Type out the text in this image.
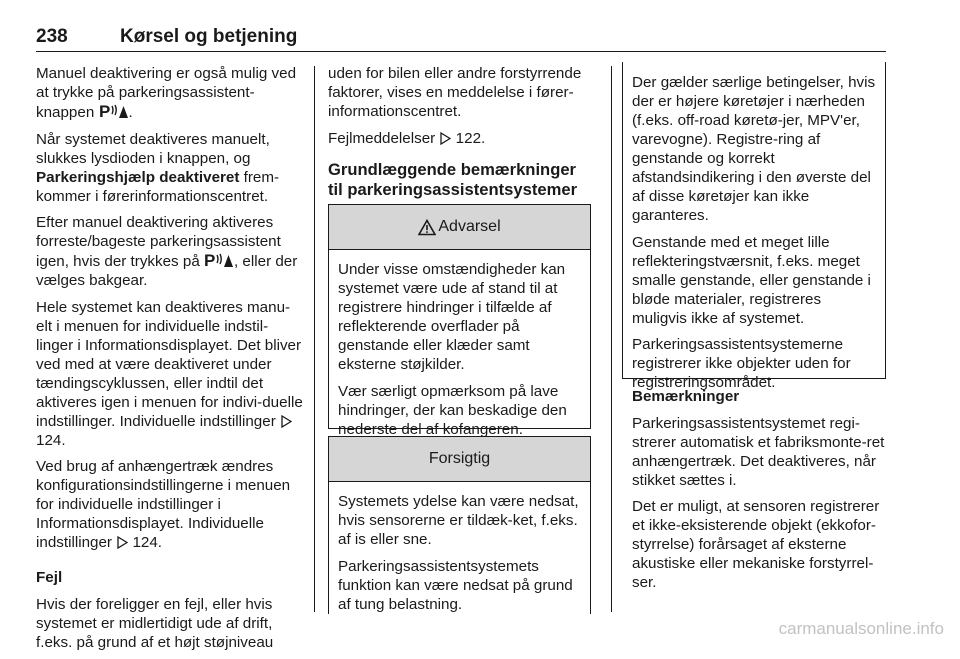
238	Kørsel og betjening

Manuel deaktivering er også mulig ved at trykke på parkeringsassistent-knappen P .

Når systemet deaktiveres manuelt, slukkes lysdioden i knappen, og Parkeringshjælp deaktiveret frem-kommer i førerinformationscentret.

Efter manuel deaktivering aktiveres forreste/bageste parkeringsassistent igen, hvis der trykkes på P , eller der vælges bakgear.

Hele systemet kan deaktiveres manu-elt i menuen for individuelle indstil-linger i Informationsdisplayet. Det bliver ved med at være deaktiveret under tændingscyklussen, eller indtil det aktiveres igen i menuen for indivi-duelle indstillinger. Individuelle indstillinger  124.

Ved brug af anhængertræk ændres konfigurationsindstillingerne i menuen for individuelle indstillinger i Informationsdisplayet. Individuelle indstillinger  124.

Fejl

Hvis der foreligger en fejl, eller hvis systemet er midlertidigt ude af drift, f.eks. på grund af et højt støjniveau

uden for bilen eller andre forstyrrende faktorer, vises en meddelelse i fører-informationscentret.

Fejlmeddelelser  122.

Grundlæggende bemærkninger til parkeringsassistentsystemer
Advarsel

Under visse omstændigheder kan systemet være ude af stand til at registrere hindringer i tilfælde af reflekterende overflader på genstande eller klæder samt eksterne støjkilder.

Vær særligt opmærksom på lave hindringer, der kan beskadige den nederste del af kofangeren.

Forsigtig

Systemets ydelse kan være nedsat, hvis sensorerne er tildæk-ket, f.eks. af is eller sne.

Parkeringsassistentsystemets funktion kan være nedsat på grund af tung belastning.

Der gælder særlige betingelser, hvis der er højere køretøjer i nærheden (f.eks. off-road køretø-jer, MPV'er, varevogne). Registre-ring af genstande og korrekt afstandsindikering i den øverste del af disse køretøjer kan ikke garanteres.

Genstande med et meget lille reflekteringstværsnit, f.eks. meget smalle genstande, eller genstande i bløde materialer, registreres muligvis ikke af systemet.

Parkeringsassistentsystemerne registrerer ikke objekter uden for registreringsområdet.

Bemærkninger

Parkeringsassistentsystemet regi-strerer automatisk et fabriksmonte-ret anhængertræk. Det deaktiveres, når stikket sættes i.

Det er muligt, at sensoren registrerer et ikke-eksisterende objekt (ekkofor-styrrelse) forårsaget af eksterne akustiske eller mekaniske forstyrrel-ser.

carmanualsonline.info
